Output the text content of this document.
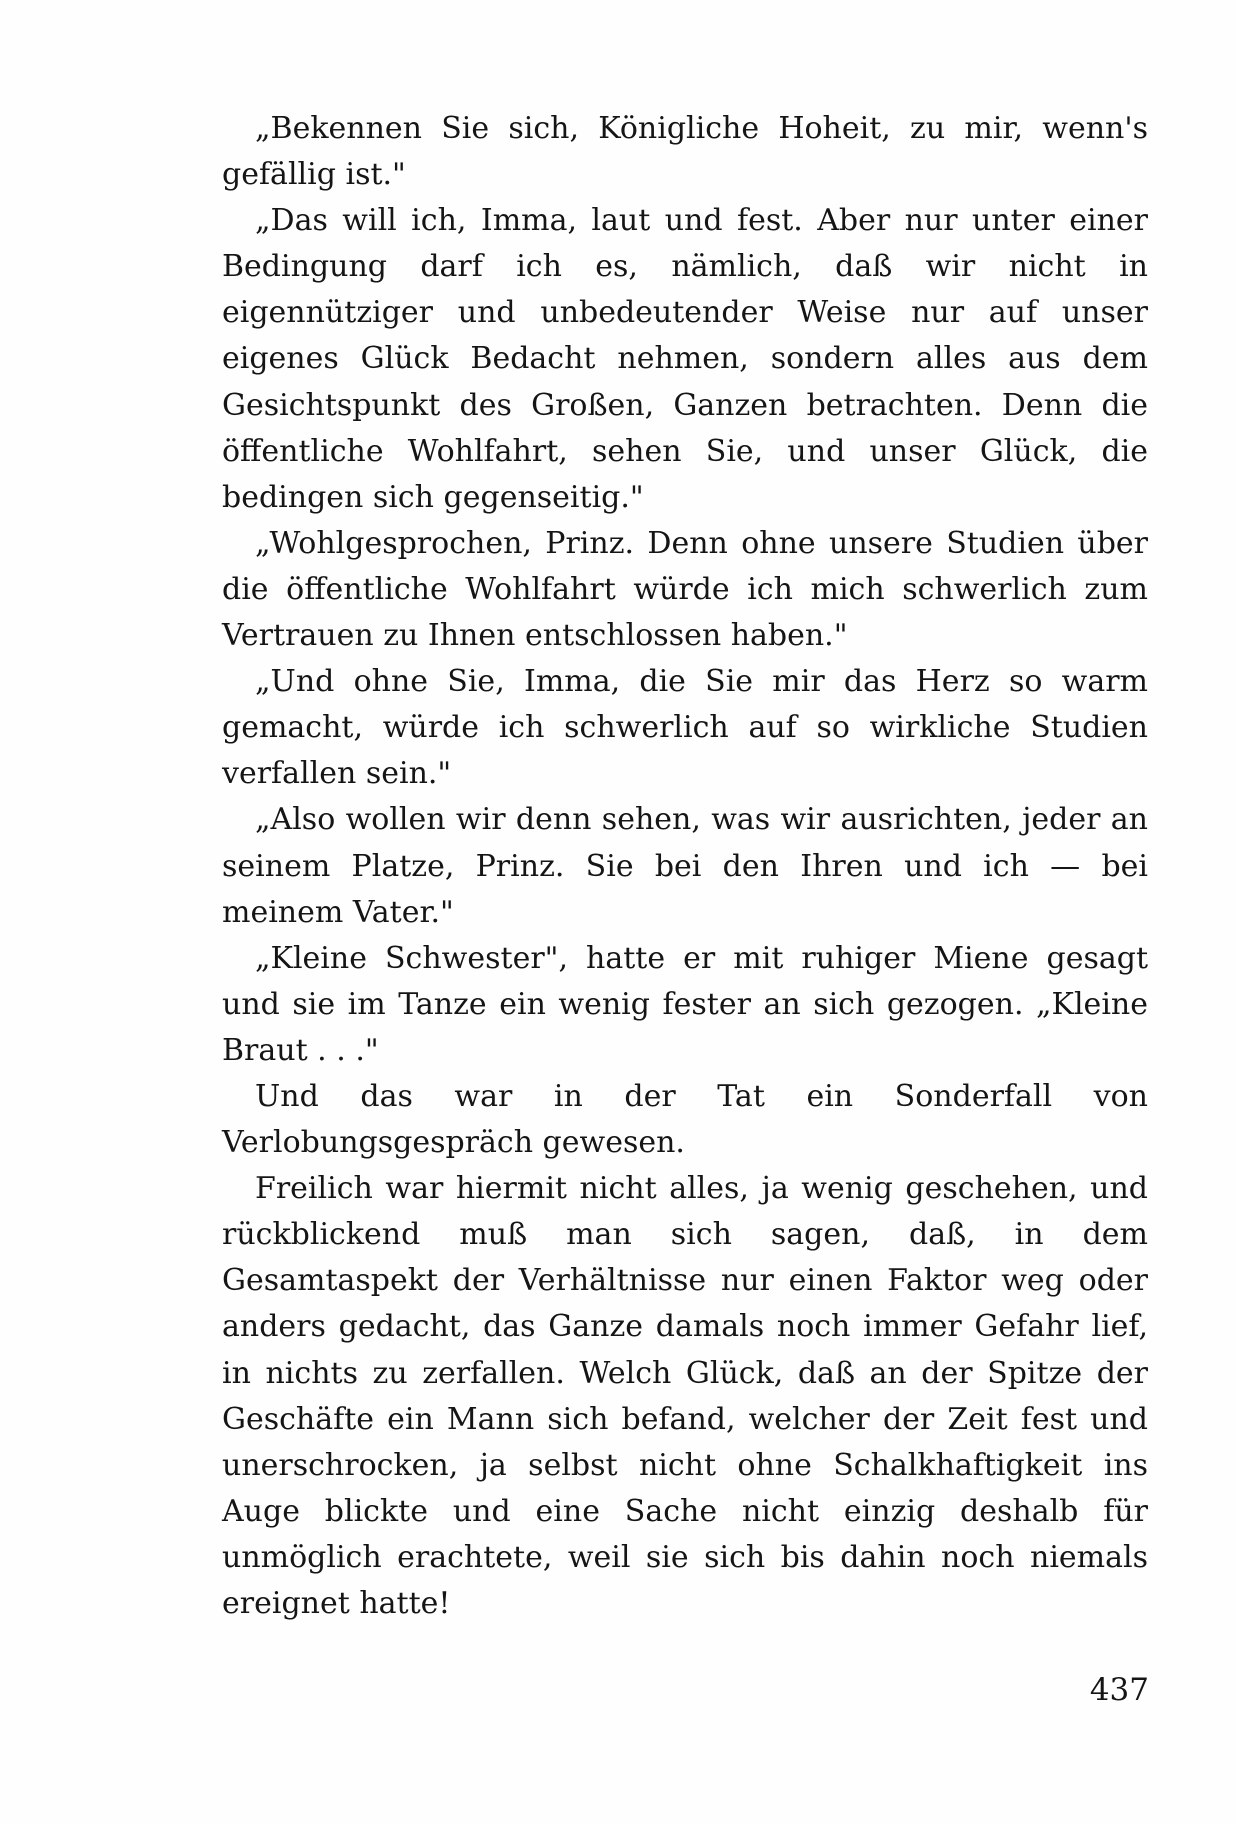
„Bekennen Sie sich, Königliche Hoheit, zu mir, wenn's gefällig ist."

„Das will ich, Imma, laut und fest. Aber nur unter einer Bedingung darf ich es, nämlich, daß wir nicht in eigennütziger und unbedeutender Weise nur auf unser eigenes Glück Bedacht nehmen, sondern alles aus dem Gesichtspunkt des Großen, Ganzen betrachten. Denn die öffentliche Wohlfahrt, sehen Sie, und unser Glück, die bedingen sich gegenseitig."

„Wohlgesprochen, Prinz. Denn ohne unsere Studien über die öffentliche Wohlfahrt würde ich mich schwerlich zum Vertrauen zu Ihnen entschlossen haben."

„Und ohne Sie, Imma, die Sie mir das Herz so warm gemacht, würde ich schwerlich auf so wirkliche Studien verfallen sein."

„Also wollen wir denn sehen, was wir ausrichten, jeder an seinem Platze, Prinz. Sie bei den Ihren und ich — bei meinem Vater."

„Kleine Schwester", hatte er mit ruhiger Miene gesagt und sie im Tanze ein wenig fester an sich gezogen. „Kleine Braut . . ."

Und das war in der Tat ein Sonderfall von Verlobungsgespräch gewesen.

Freilich war hiermit nicht alles, ja wenig geschehen, und rückblickend muß man sich sagen, daß, in dem Gesamtaspekt der Verhältnisse nur einen Faktor weg oder anders gedacht, das Ganze damals noch immer Gefahr lief, in nichts zu zerfallen. Welch Glück, daß an der Spitze der Geschäfte ein Mann sich befand, welcher der Zeit fest und unerschrocken, ja selbst nicht ohne Schalkhaftigkeit ins Auge blickte und eine Sache nicht einzig deshalb für unmöglich erachtete, weil sie sich bis dahin noch niemals ereignet hatte!

437
